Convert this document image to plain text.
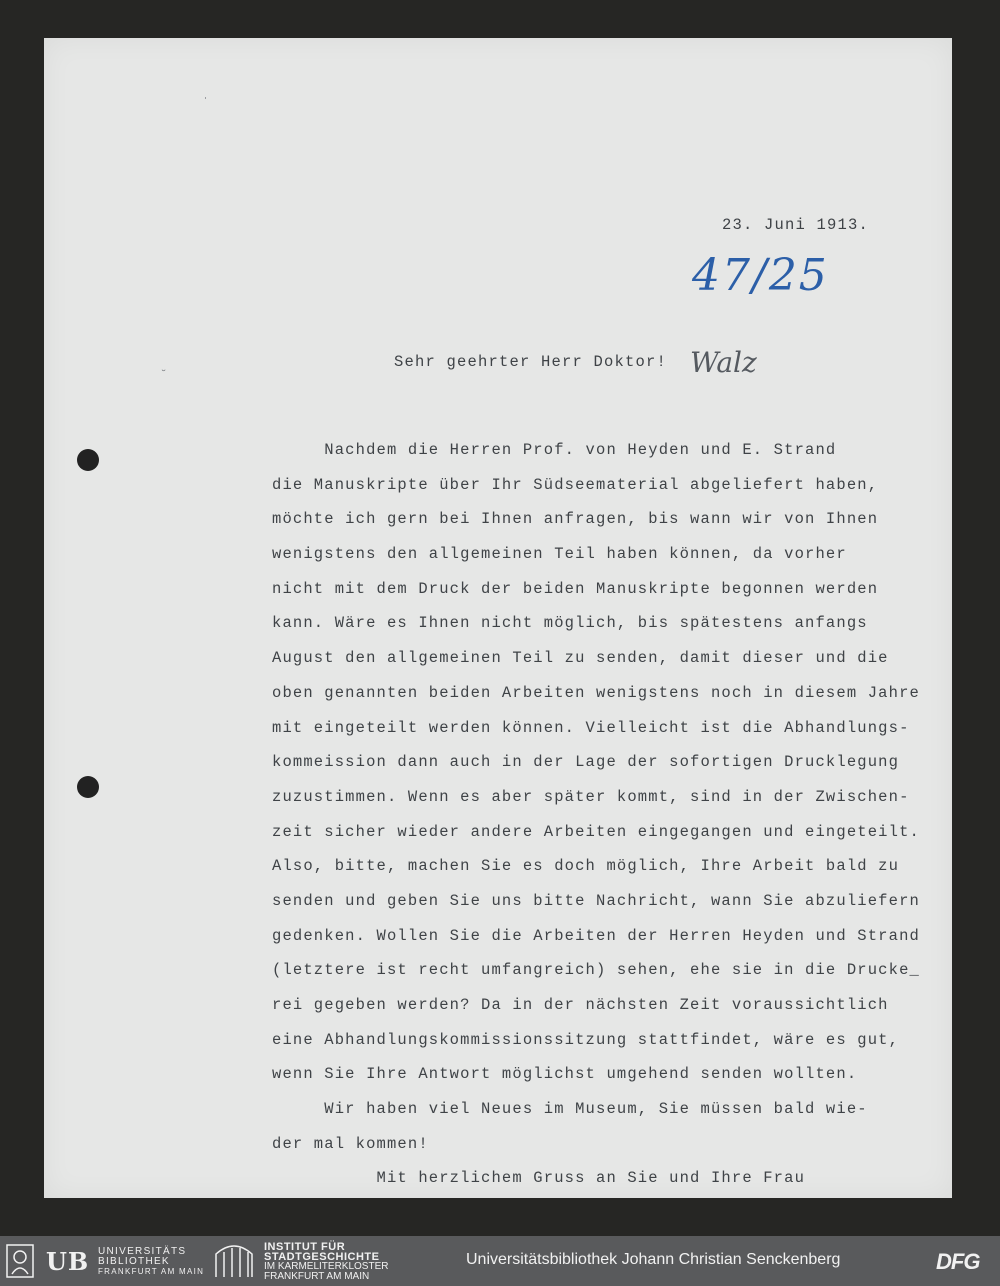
ˈ
˘

23. Juni 1913.

47/25

Sehr geehrter Herr Doktor! Walz
Nachdem die Herren Prof. von Heyden und E. Strand
die Manuskripte über Ihr Südseematerial abgeliefert haben,
möchte ich gern bei Ihnen anfragen, bis wann wir von Ihnen
wenigstens den allgemeinen Teil haben können, da vorher
nicht mit dem Druck der beiden Manuskripte begonnen werden
kann. Wäre es Ihnen nicht möglich, bis spätestens anfangs
August den allgemeinen Teil zu senden, damit dieser und die
oben genannten beiden Arbeiten wenigstens noch in diesem Jahre
mit eingeteilt werden können. Vielleicht ist die Abhandlungs-
kommeission dann auch in der Lage der sofortigen Drucklegung
zuzustimmen. Wenn es aber später kommt, sind in der Zwischen-
zeit sicher wieder andere Arbeiten eingegangen und eingeteilt.
Also, bitte, machen Sie es doch möglich, Ihre Arbeit bald zu
senden und geben Sie uns bitte Nachricht, wann Sie abzuliefern
gedenken. Wollen Sie die Arbeiten der Herren Heyden und Strand
(letztere ist recht umfangreich) sehen, ehe sie in die Drucke_
rei gegeben werden? Da in der nächsten Zeit voraussichtlich
eine Abhandlungskommissionssitzung stattfindet, wäre es gut,
wenn Sie Ihre Antwort möglichst umgehend senden wollten.
Wir haben viel Neues im Museum, Sie müssen bald wie-
der mal kommen!
Mit herzlichem Gruss an Sie und Ihre Frau
UB UNIVERSITÄTS
BIBLIOTHEK
FRANKFURT AM MAIN
INSTITUT FÜR
STADTGESCHICHTE
IM KARMELITERKLOSTER
FRANKFURT AM MAIN
Universitätsbibliothek Johann Christian Senckenberg	DFG
